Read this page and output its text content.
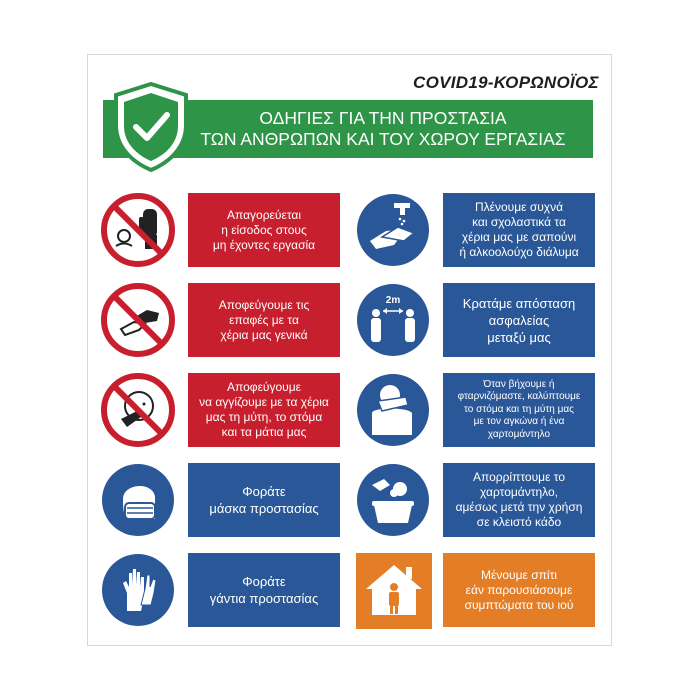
COVID19-ΚΟΡΩΝΟΪΟΣ
ΟΔΗΓΙΕΣ ΓΙΑ ΤΗΝ ΠΡΟΣΤΑΣΙΑ
ΤΩΝ ΑΝΘΡΩΠΩΝ ΚΑΙ ΤΟΥ ΧΩΡΟΥ ΕΡΓΑΣΙΑΣ
Απαγορεύεται
η είσοδος στους
μη έχοντες εργασία
Αποφεύγουμε τις
επαφές με τα
χέρια μας γενικά
Αποφεύγουμε
να αγγίζουμε με τα χέρια
μας τη μύτη, το στόμα
και τα μάτια μας
Φοράτε
μάσκα προστασίας
Φοράτε
γάντια προστασίας
Πλένουμε συχνά
και σχολαστικά τα
χέρια μας με σαπούνι
ή αλκοολούχο διάλυμα
2m	Κρατάμε απόσταση
ασφαλείας
μεταξύ μας
Όταν βήχουμε ή
φταρνιζόμαστε, καλύπτουμε
το στόμα και τη μύτη μας
με τον αγκώνα ή ένα
χαρτομάντηλο
Απορρίπτουμε το
χαρτομάντηλο,
αμέσως μετά την χρήση
σε κλειστό κάδο
Μένουμε σπίτι
εάν παρουσιάσουμε
συμπτώματα του ιού
